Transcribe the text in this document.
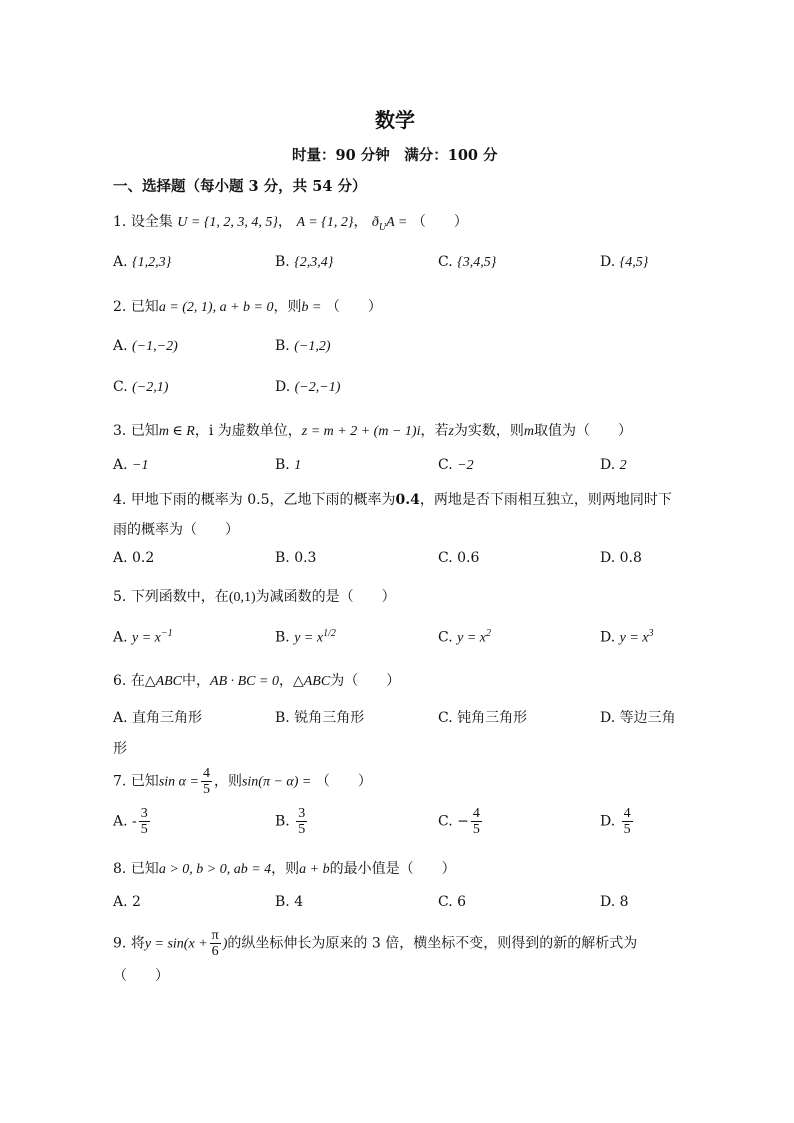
数学
时量：90 分钟　满分：100 分
一、选择题（每小题 3 分，共 54 分）
1. 设全集 U = {1, 2, 3, 4, 5}， A = {1, 2}， $ð_UA$ = （　　）
A. {1,2,3}	B. {2,3,4}	C. {3,4,5}	D. {4,5}
2. 已知a = (2, 1), a + b = 0，则b = （　　）
A. (−1,−2)	B. (−1,2)
C. (−2,1)	D. (−2,−1)
3. 已知m ∈ R，i 为虚数单位，z = m + 2 + (m − 1)i，若z为实数，则m取值为（　　）
A. −1	B. 1	C. −2	D. 2
4. 甲地下雨的概率为 0.5，乙地下雨的概率为0.4，两地是否下雨相互独立，则两地同时下
雨的概率为（　　）
A. 0.2	B. 0.3	C. 0.6	D. 0.8
5. 下列函数中，在(0,1)为减函数的是（　　）
A. $y = x^{-1}$	B. $y = x^{1/2}$	C. $y = x^2$	D. $y = x^3$
6. 在△ABC中，AB · BC = 0，△ABC为（　　）
A. 直角三角形	B. 锐角三角形	C. 钝角三角形	D. 等边三角
形
7. 已知$\sin \alpha = \frac{4}{5}$ ，则sin(π − α) = （　　）
A. - $\frac{3}{5}$	B. $\frac{3}{5}$	C. − $\frac{4}{5}$	D. $\frac{4}{5}$
8. 已知a > 0, b > 0, ab = 4，则a + b的最小值是（　　）
A. 2	B. 4	C. 6	D. 8
9. 将$y = \sin(x + \frac{\pi}{6}$ )的纵坐标伸长为原来的 3 倍，横坐标不变，则得到的新的解析式为
（　　）
